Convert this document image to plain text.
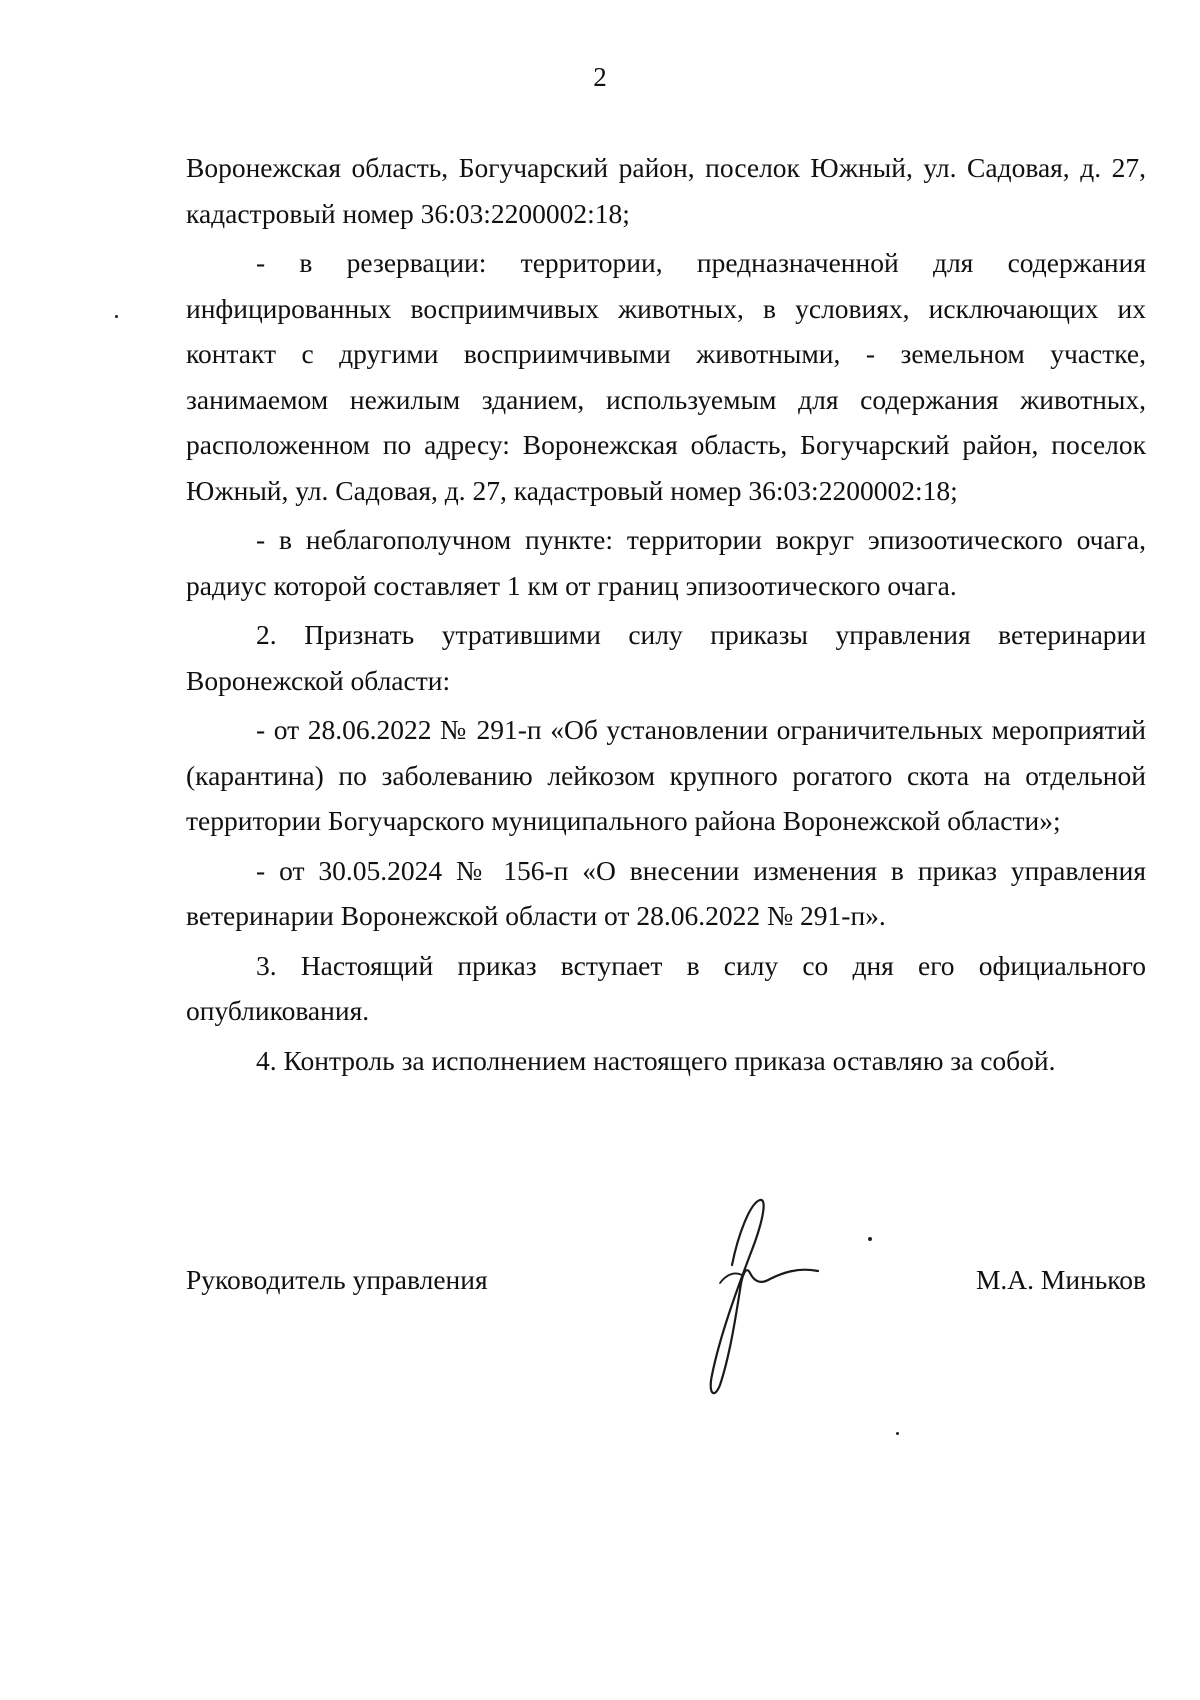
2

Воронежская область, Богучарский район, поселок Южный, ул. Садовая, д. 27, кадастровый номер 36:03:2200002:18;

- в резервации: территории, предназначенной для содержания инфицированных восприимчивых животных, в условиях, исключающих их контакт с другими восприимчивыми животными, - земельном участке, занимаемом нежилым зданием, используемым для содержания животных, расположенном по адресу: Воронежская область, Богучарский район, поселок Южный, ул. Садовая, д. 27, кадастровый номер 36:03:2200002:18;

- в неблагополучном пункте: территории вокруг эпизоотического очага, радиус которой составляет 1 км от границ эпизоотического очага.

2. Признать утратившими силу приказы управления ветеринарии Воронежской области:

- от 28.06.2022 № 291-п «Об установлении ограничительных мероприятий (карантина) по заболеванию лейкозом крупного рогатого скота на отдельной территории Богучарского муниципального района Воронежской области»;

- от 30.05.2024 № 156-п «О внесении изменения в приказ управления ветеринарии Воронежской области от 28.06.2022 № 291-п».

3. Настоящий приказ вступает в силу со дня его официального опубликования.

4. Контроль за исполнением настоящего приказа оставляю за собой.

Руководитель управления	М.А. Миньков
